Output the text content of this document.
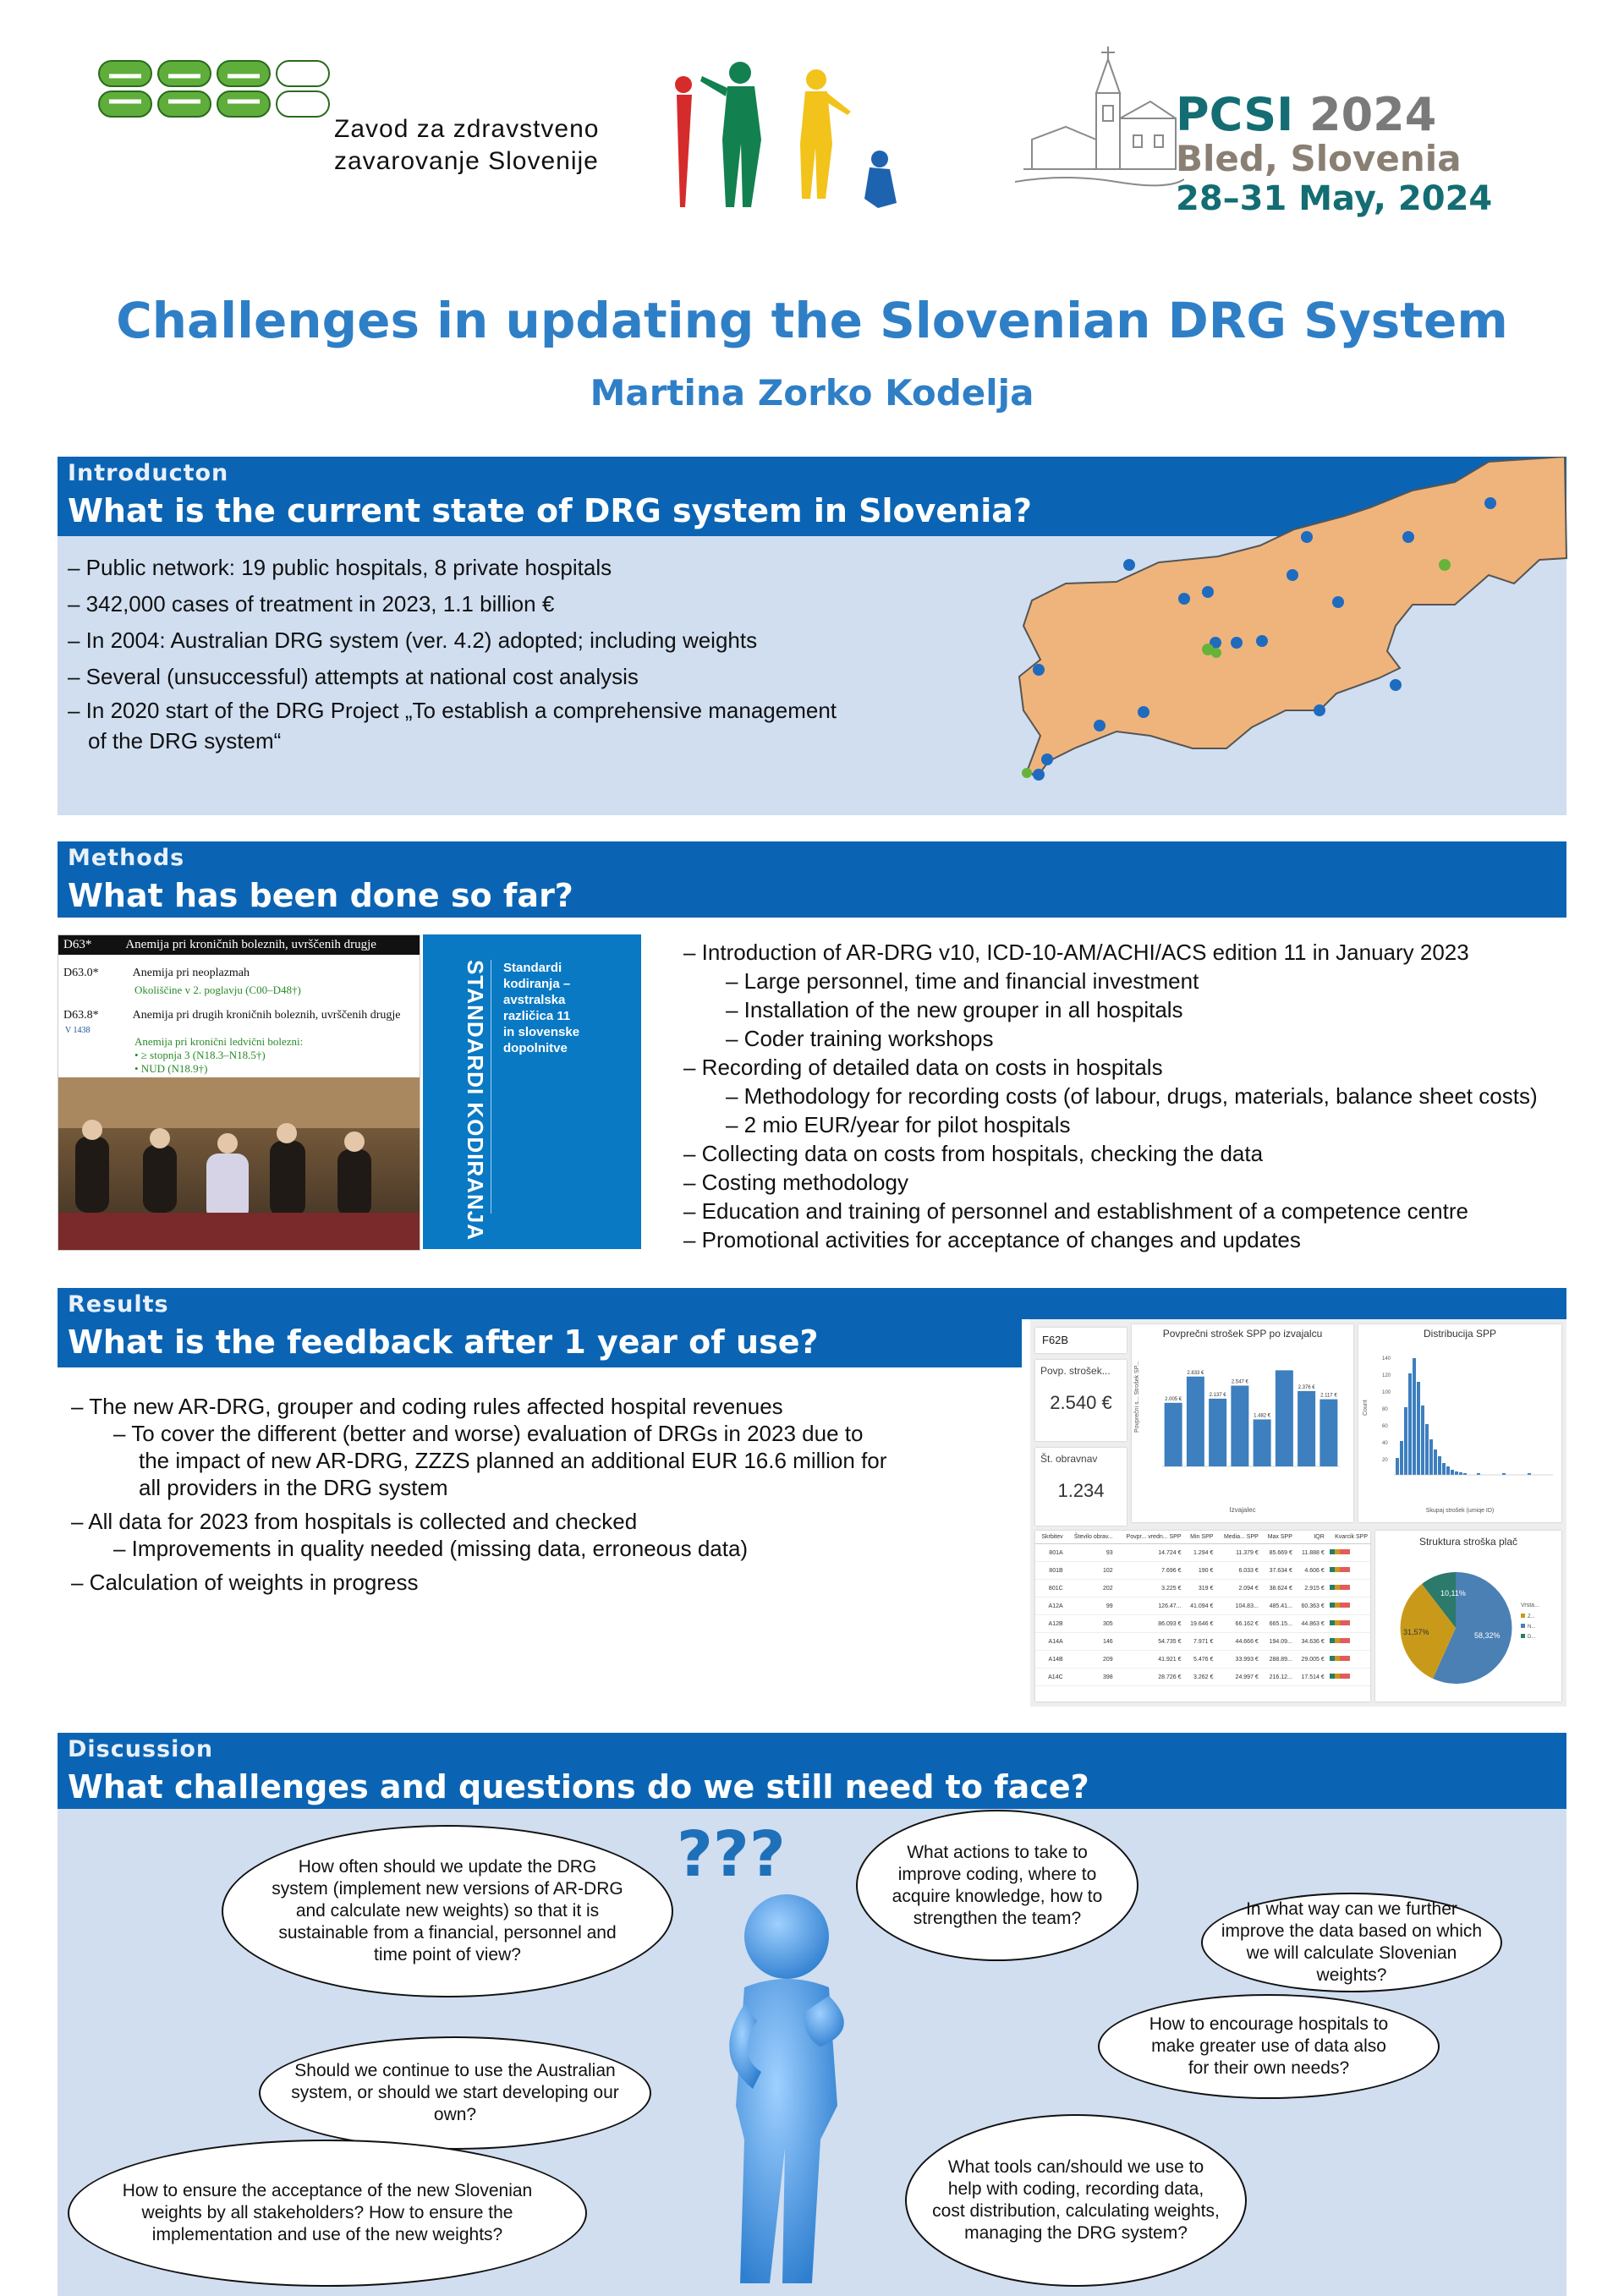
Zavod za zdravstveno
zavarovanje Slovenije
PCSI 2024
Bled, Slovenia
28–31 May, 2024
Challenges in updating the Slovenian DRG System
Martina Zorko Kodelja
Introducton
What is the current state of DRG system in Slovenia?
– Public network: 19 public hospitals, 8 private hospitals
– 342,000 cases of treatment in 2023, 1.1 billion €
– In 2004: Australian DRG system (ver. 4.2) adopted; including weights
– Several (unsuccessful) attempts at national cost analysis
– In 2020 start of the DRG Project „To establish a comprehensive management
of the DRG system“
Methods
What has been done so far?
– Introduction of AR-DRG v10, ICD-10-AM/ACHI/ACS edition 11 in January 2023
– Large personnel, time and financial investment
– Installation of the new grouper in all hospitals
– Coder training workshops
– Recording of detailed data on costs in hospitals
– Methodology for recording costs (of labour, drugs, materials, balance sheet costs)
– 2 mio EUR/year for pilot hospitals
– Collecting data on costs from hospitals, checking the data
– Costing methodology
– Education and training of personnel and establishment of a competence centre
– Promotional activities for acceptance of changes and updates
D63*	Anemija pri kroničnih boleznih, uvrščenih drugje
D63.0*	Anemija pri neoplazmah
Okoliščine v 2. poglavju (C00–D48†)
D63.8*	Anemija pri drugih kroničnih boleznih, uvrščenih drugje
V 1438
Anemija pri kronični ledvični bolezni:
• ≥ stopnja 3 (N18.3–N18.5†)
• NUD (N18.9†)	STANDARDI KODIRANJA Standardi
kodiranja –
avstralska
različica 11
in slovenske
dopolnitve
Results
What is the feedback after 1 year of use?
– The new AR-DRG, grouper and coding rules affected hospital revenues
– To cover the different (better and worse) evaluation of DRGs in 2023 due to
the impact of new AR-DRG, ZZZS planned an additional EUR 16.6 million for
all providers in the DRG system
– All data for 2023 from hospitals is collected and checked
– Improvements in quality needed (missing data, erroneous data)
– Calculation of weights in progress
F62B
Povp. strošek...
2.540 €
Št. obravnav
1.234
Povprečni strošek SPP po izvajalcu
Povprečni s... Strošek SP...
Izvajalec
2.005 €
2.833 €
2.137 €
2.547 €
1.482 €
2.376 €
2.117 €
Distribucija SPP
Count
140
120
100
80
60
40
20
Skupaj strošek (umiqe ID)
Skrbitev	Število obrav...	Povpr... vredn... SPP	Min SPP	Media... SPP	Max SPP	IQR	Kvarcik SPP
801A	93	14.724 €	1.294 €	11.379 €	85.669 €	11.888 €	
801B	102	7.696 €	190 €	6.033 €	37.634 €	4.606 €	
801C	202	3.225 €	319 €	2.094 €	38.624 €	2.915 €	
A12A	99	126.47...	41.094 €	104.83...	485.41...	60.363 €	
A12B	305	86.093 €	19.646 €	66.162 €	665.15...	44.863 €	
A14A	146	54.735 €	7.971 €	44.666 €	194.09...	34.636 €	
A14B	209	41.921 €	5.476 €	33.993 €	288.89...	29.005 €	
A14C	398	28.726 €	3.262 €	24.997 €	216.12...	17.514 €	
Struktura stroška plač
10,11%
31,57%	58,32%
Vrsta...
Z...
N...
D...
Discussion
What challenges and questions do we still need to face?
???
How often should we update the DRG system (implement new versions of AR-DRG and calculate new weights) so that it is sustainable from a financial, personnel and time point of view?
What actions to take to improve coding, where to acquire knowledge, how to strengthen the team?	In what way can we further improve the data based on which we will calculate Slovenian weights?
How to encourage hospitals to make greater use of data also for their own needs?
Should we continue to use the Australian system, or should we start developing our own?
How to ensure the acceptance of the new Slovenian weights by all stakeholders? How to ensure the implementation and use of the new weights?
What tools can/should we use to help with coding, recording data, cost distribution, calculating weights, managing the DRG system?
